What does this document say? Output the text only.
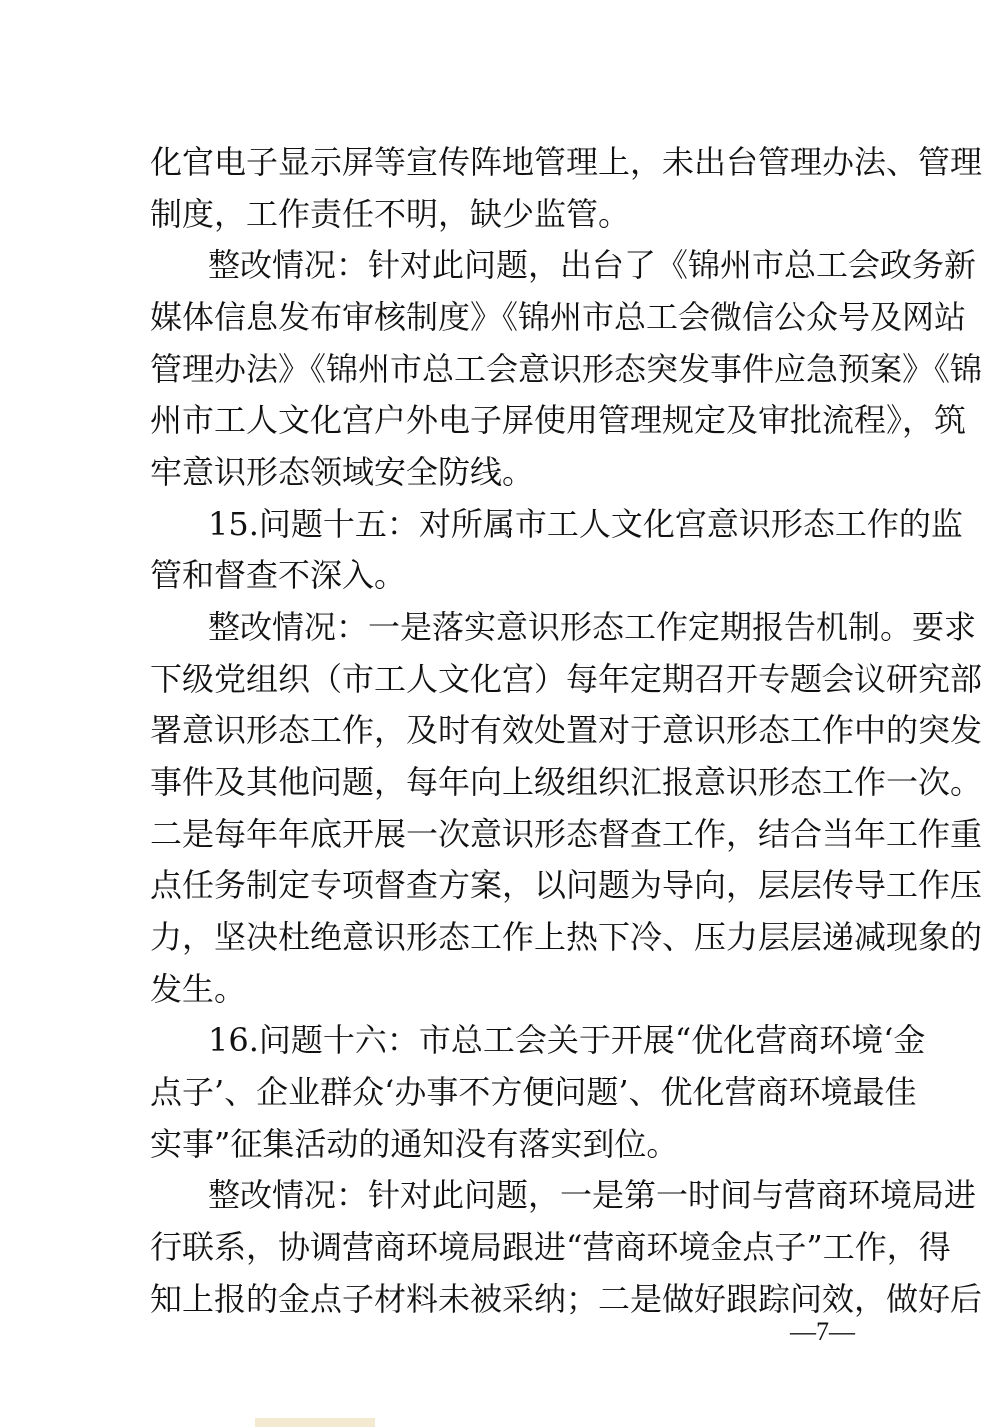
化官电子显示屏等宣传阵地管理上，未出台管理办法、管理
制度，工作责任不明，缺少监管。
整改情况：针对此问题，出台了《锦州市总工会政务新
媒体信息发布审核制度》《锦州市总工会微信公众号及网站
管理办法》《锦州市总工会意识形态突发事件应急预案》《锦
州市工人文化宫户外电子屏使用管理规定及审批流程》，筑
牢意识形态领域安全防线。
15.问题十五：对所属市工人文化宫意识形态工作的监
管和督查不深入。
整改情况：一是落实意识形态工作定期报告机制。要求
下级党组织（市工人文化宫）每年定期召开专题会议研究部
署意识形态工作，及时有效处置对于意识形态工作中的突发
事件及其他问题，每年向上级组织汇报意识形态工作一次。
二是每年年底开展一次意识形态督查工作，结合当年工作重
点任务制定专项督查方案，以问题为导向，层层传导工作压
力，坚决杜绝意识形态工作上热下冷、压力层层递减现象的
发生。
16.问题十六：市总工会关于开展“优化营商环境‘金
点子’、企业群众‘办事不方便问题’、优化营商环境最佳
实事”征集活动的通知没有落实到位。
整改情况：针对此问题，一是第一时间与营商环境局进
行联系，协调营商环境局跟进“营商环境金点子”工作，得
知上报的金点子材料未被采纳；二是做好跟踪问效，做好后
—7—
